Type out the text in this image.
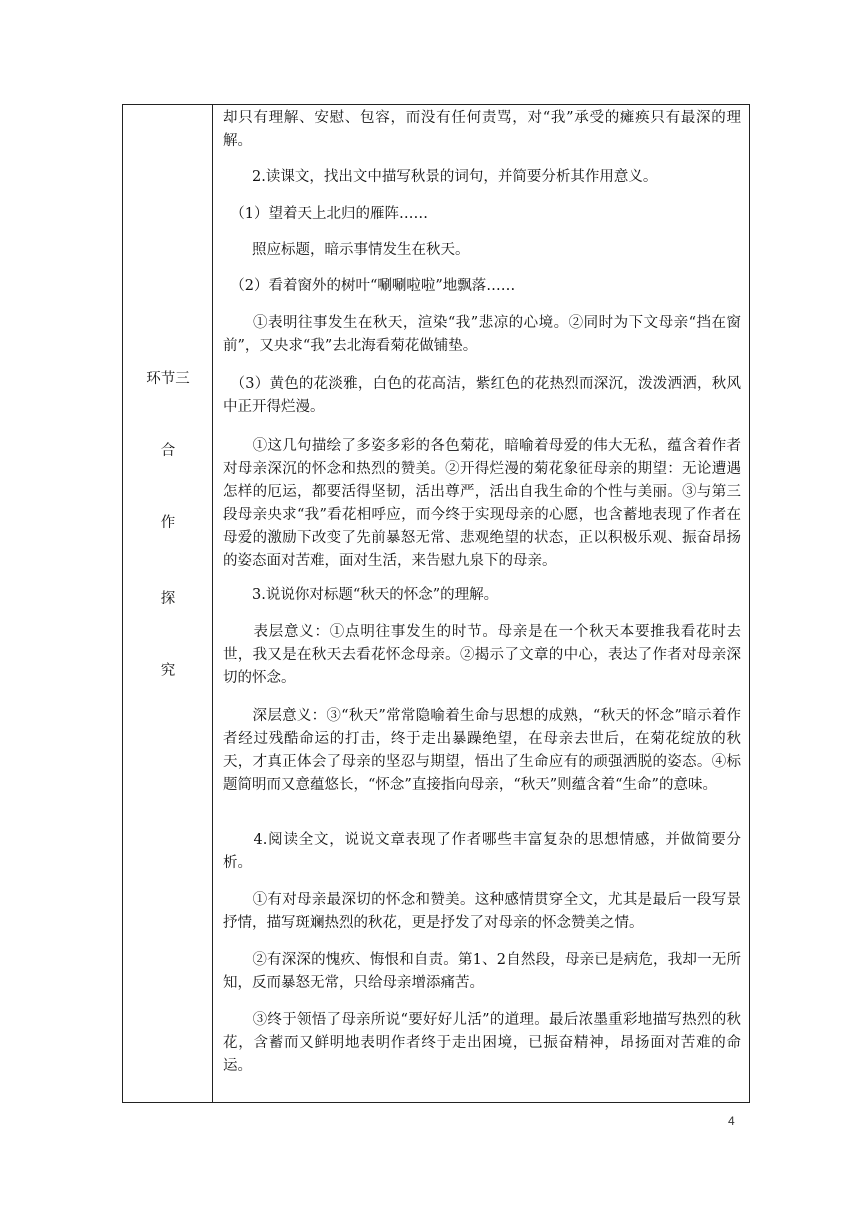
环节三
合
作
探
究

却只有理解、安慰、包容，而没有任何责骂，对“我”承受的瘫痪只有最深的理解。

　　2.读课文，找出文中描写秋景的词句，并简要分析其作用意义。

　（1）望着天上北归的雁阵……

　　照应标题，暗示事情发生在秋天。

　（2）看着窗外的树叶“唰唰啦啦”地飘落……

　　①表明往事发生在秋天，渲染“我”悲凉的心境。②同时为下文母亲“挡在窗前”，又央求“我”去北海看菊花做铺垫。

　（3）黄色的花淡雅，白色的花高洁，紫红色的花热烈而深沉，泼泼洒洒，秋风中正开得烂漫。

　　①这几句描绘了多姿多彩的各色菊花，暗喻着母爱的伟大无私，蕴含着作者对母亲深沉的怀念和热烈的赞美。②开得烂漫的菊花象征母亲的期望：无论遭遇怎样的厄运，都要活得坚韧，活出尊严，活出自我生命的个性与美丽。③与第三段母亲央求“我”看花相呼应，而今终于实现母亲的心愿，也含蓄地表现了作者在母爱的激励下改变了先前暴怒无常、悲观绝望的状态，正以积极乐观、振奋昂扬的姿态面对苦难，面对生活，来告慰九泉下的母亲。

　　3.说说你对标题“秋天的怀念”的理解。

　　表层意义：①点明往事发生的时节。母亲是在一个秋天本要推我看花时去世，我又是在秋天去看花怀念母亲。②揭示了文章的中心，表达了作者对母亲深切的怀念。

　　深层意义：③“秋天”常常隐喻着生命与思想的成熟，“秋天的怀念”暗示着作者经过残酷命运的打击，终于走出暴躁绝望，在母亲去世后，在菊花绽放的秋天，才真正体会了母亲的坚忍与期望，悟出了生命应有的顽强洒脱的姿态。④标题简明而又意蕴悠长，“怀念”直接指向母亲，“秋天”则蕴含着“生命”的意味。

　　4.阅读全文，说说文章表现了作者哪些丰富复杂的思想情感，并做简要分析。

　　①有对母亲最深切的怀念和赞美。这种感情贯穿全文，尤其是最后一段写景抒情，描写斑斓热烈的秋花，更是抒发了对母亲的怀念赞美之情。

　　②有深深的愧疚、悔恨和自责。第1、2自然段，母亲已是病危，我却一无所知，反而暴怒无常，只给母亲增添痛苦。

　　③终于领悟了母亲所说“要好好儿活”的道理。最后浓墨重彩地描写热烈的秋花，含蓄而又鲜明地表明作者终于走出困境，已振奋精神，昂扬面对苦难的命运。

4
